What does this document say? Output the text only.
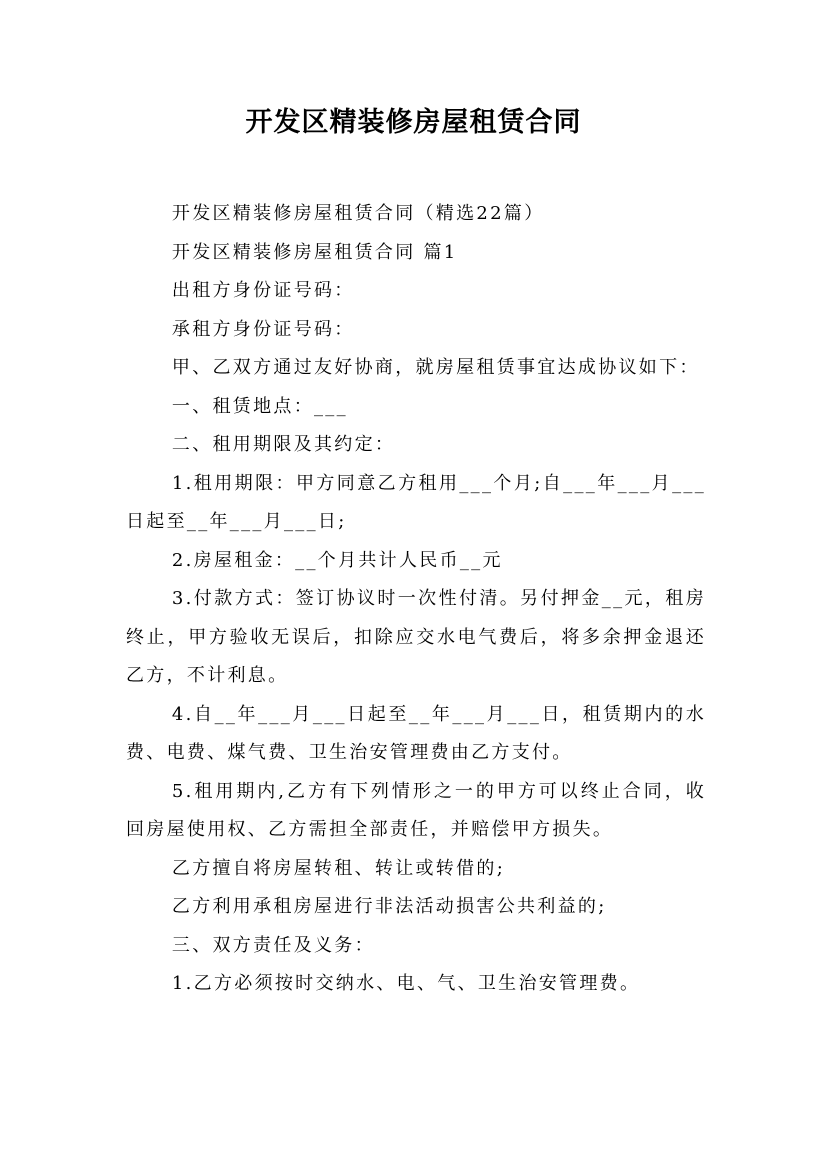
开发区精装修房屋租赁合同

开发区精装修房屋租赁合同（精选22篇）

开发区精装修房屋租赁合同 篇1

出租方身份证号码：

承租方身份证号码：

甲、乙双方通过友好协商，就房屋租赁事宜达成协议如下：

一、租赁地点：___

二、租用期限及其约定：

1.租用期限：甲方同意乙方租用___个月;自___年___月___日起至__年___月___日;

2.房屋租金：__个月共计人民币__元

3.付款方式：签订协议时一次性付清。另付押金__元，租房终止，甲方验收无误后，扣除应交水电气费后，将多余押金退还乙方，不计利息。

4.自__年___月___日起至__年___月___日，租赁期内的水费、电费、煤气费、卫生治安管理费由乙方支付。

5.租用期内,乙方有下列情形之一的甲方可以终止合同，收回房屋使用权、乙方需担全部责任，并赔偿甲方损失。

乙方擅自将房屋转租、转让或转借的;

乙方利用承租房屋进行非法活动损害公共利益的;

三、双方责任及义务：

1.乙方必须按时交纳水、电、气、卫生治安管理费。
